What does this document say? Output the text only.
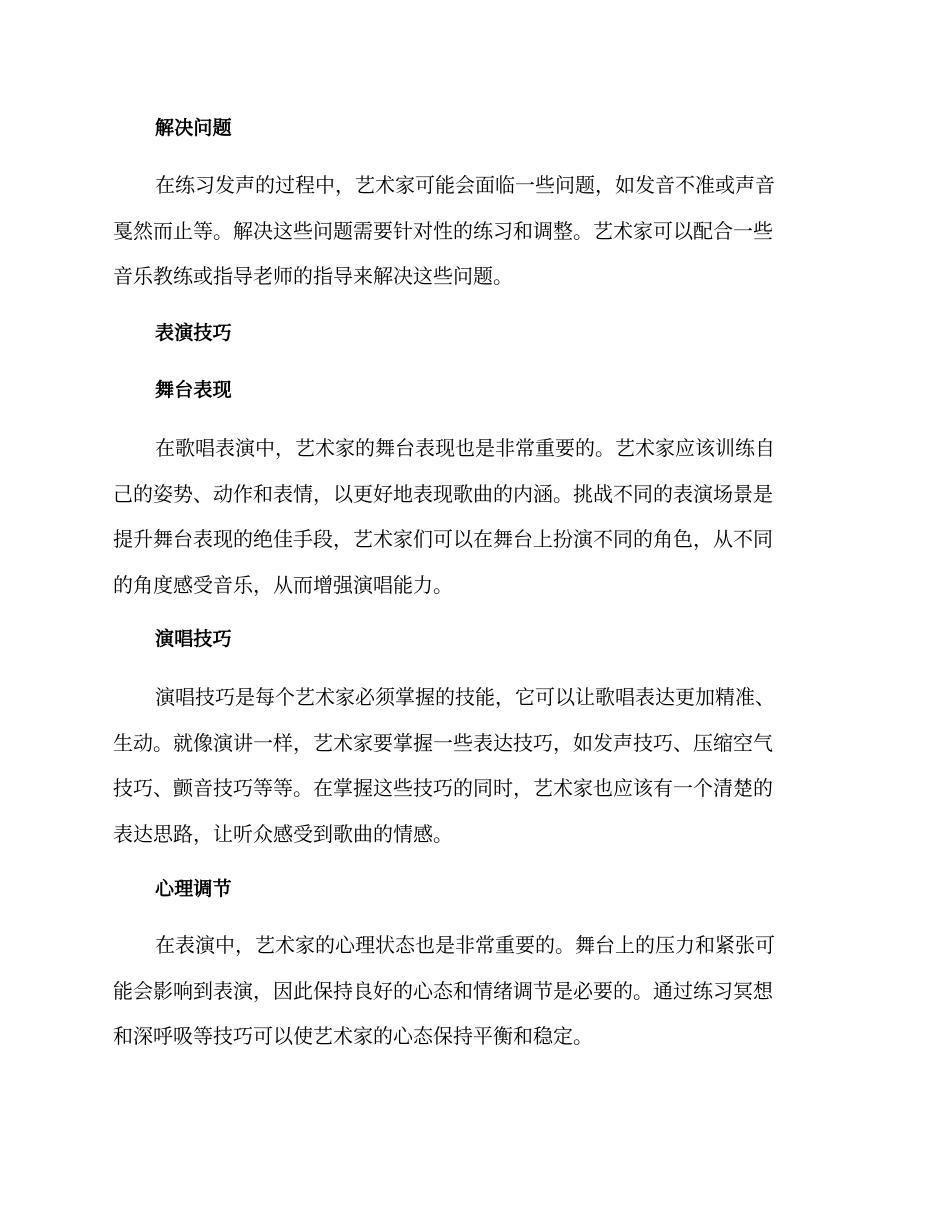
解决问题
在练习发声的过程中，艺术家可能会面临一些问题，如发音不准或声音
戛然而止等。解决这些问题需要针对性的练习和调整。艺术家可以配合一些
音乐教练或指导老师的指导来解决这些问题。
表演技巧
舞台表现
在歌唱表演中，艺术家的舞台表现也是非常重要的。艺术家应该训练自
己的姿势、动作和表情，以更好地表现歌曲的内涵。挑战不同的表演场景是
提升舞台表现的绝佳手段，艺术家们可以在舞台上扮演不同的角色，从不同
的角度感受音乐，从而增强演唱能力。
演唱技巧
演唱技巧是每个艺术家必须掌握的技能，它可以让歌唱表达更加精准、
生动。就像演讲一样，艺术家要掌握一些表达技巧，如发声技巧、压缩空气
技巧、颤音技巧等等。在掌握这些技巧的同时，艺术家也应该有一个清楚的
表达思路，让听众感受到歌曲的情感。
心理调节
在表演中，艺术家的心理状态也是非常重要的。舞台上的压力和紧张可
能会影响到表演，因此保持良好的心态和情绪调节是必要的。通过练习冥想
和深呼吸等技巧可以使艺术家的心态保持平衡和稳定。
